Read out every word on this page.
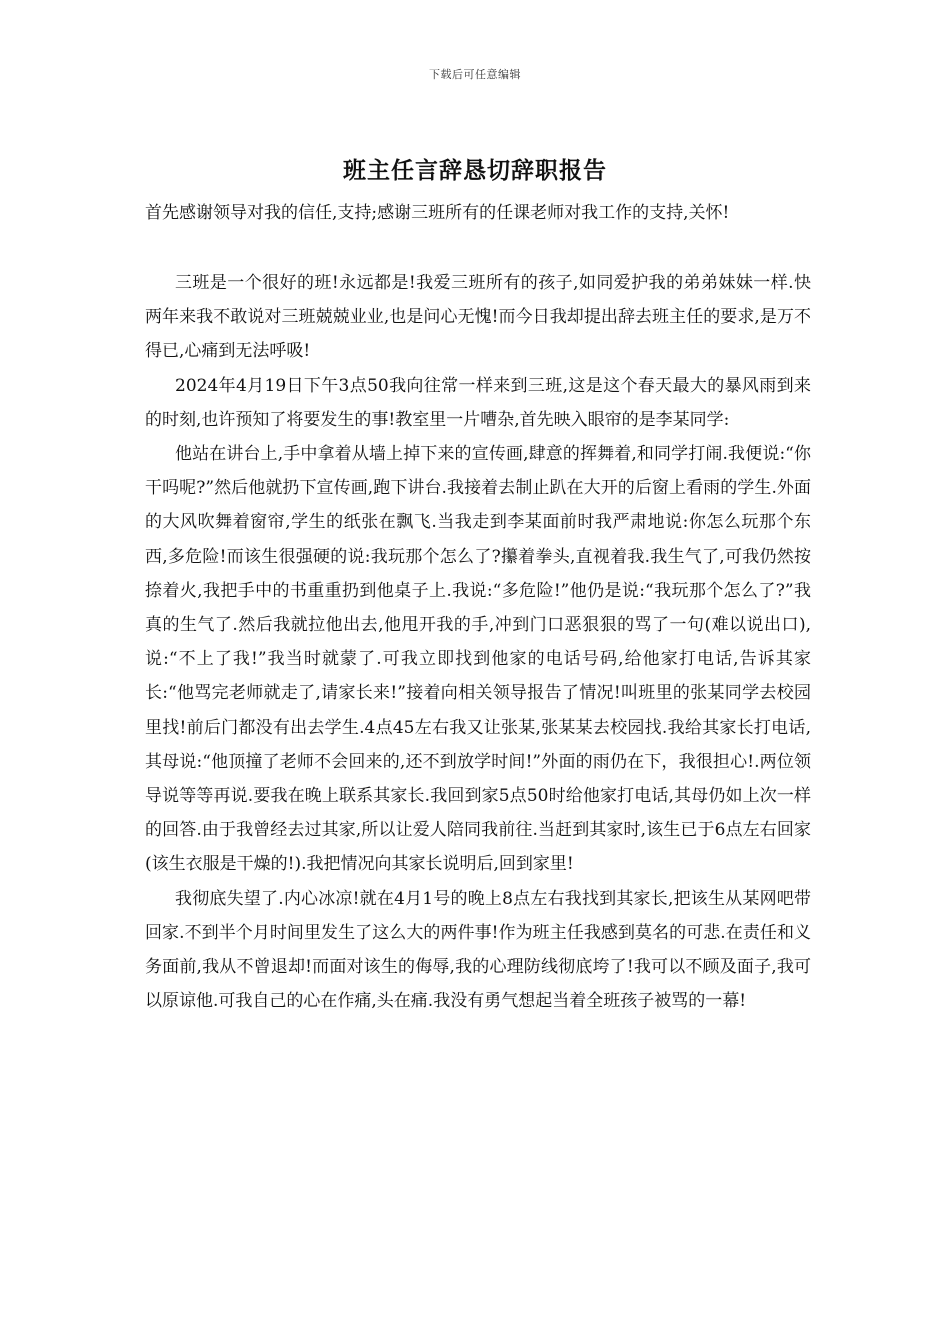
下载后可任意编辑
班主任言辞恳切辞职报告

首先感谢领导对我的信任,支持;感谢三班所有的任课老师对我工作的支持,关怀!

三班是一个很好的班!永远都是!我爱三班所有的孩子,如同爱护我的弟弟妹妹一样.快两年来我不敢说对三班兢兢业业,也是问心无愧!而今日我却提出辞去班主任的要求,是万不得已,心痛到无法呼吸!

2024年4月19日下午3点50我向往常一样来到三班,这是这个春天最大的暴风雨到来的时刻,也许预知了将要发生的事!教室里一片嘈杂,首先映入眼帘的是李某同学:

他站在讲台上,手中拿着从墙上掉下来的宣传画,肆意的挥舞着,和同学打闹.我便说:“你干吗呢?”然后他就扔下宣传画,跑下讲台.我接着去制止趴在大开的后窗上看雨的学生.外面的大风吹舞着窗帘,学生的纸张在飘飞.当我走到李某面前时我严肃地说:你怎么玩那个东西,多危险!而该生很强硬的说:我玩那个怎么了?攥着拳头,直视着我.我生气了,可我仍然按捺着火,我把手中的书重重扔到他桌子上.我说:“多危险!”他仍是说:“我玩那个怎么了?”我真的生气了.然后我就拉他出去,他甩开我的手,冲到门口恶狠狠的骂了一句(难以说出口),说:“不上了我!”我当时就蒙了.可我立即找到他家的电话号码,给他家打电话,告诉其家长:“他骂完老师就走了,请家长来!”接着向相关领导报告了情况!叫班里的张某同学去校园里找!前后门都没有出去学生.4点45左右我又让张某,张某某去校园找.我给其家长打电话,其母说:“他顶撞了老师不会回来的,还不到放学时间!”外面的雨仍在下，我很担心!.两位领导说等等再说.要我在晚上联系其家长.我回到家5点50时给他家打电话,其母仍如上次一样的回答.由于我曾经去过其家,所以让爱人陪同我前往.当赶到其家时,该生已于6点左右回家(该生衣服是干燥的!).我把情况向其家长说明后,回到家里!

我彻底失望了.内心冰凉!就在4月1号的晚上8点左右我找到其家长,把该生从某网吧带回家.不到半个月时间里发生了这么大的两件事!作为班主任我感到莫名的可悲.在责任和义务面前,我从不曾退却!而面对该生的侮辱,我的心理防线彻底垮了!我可以不顾及面子,我可以原谅他.可我自己的心在作痛,头在痛.我没有勇气想起当着全班孩子被骂的一幕!
